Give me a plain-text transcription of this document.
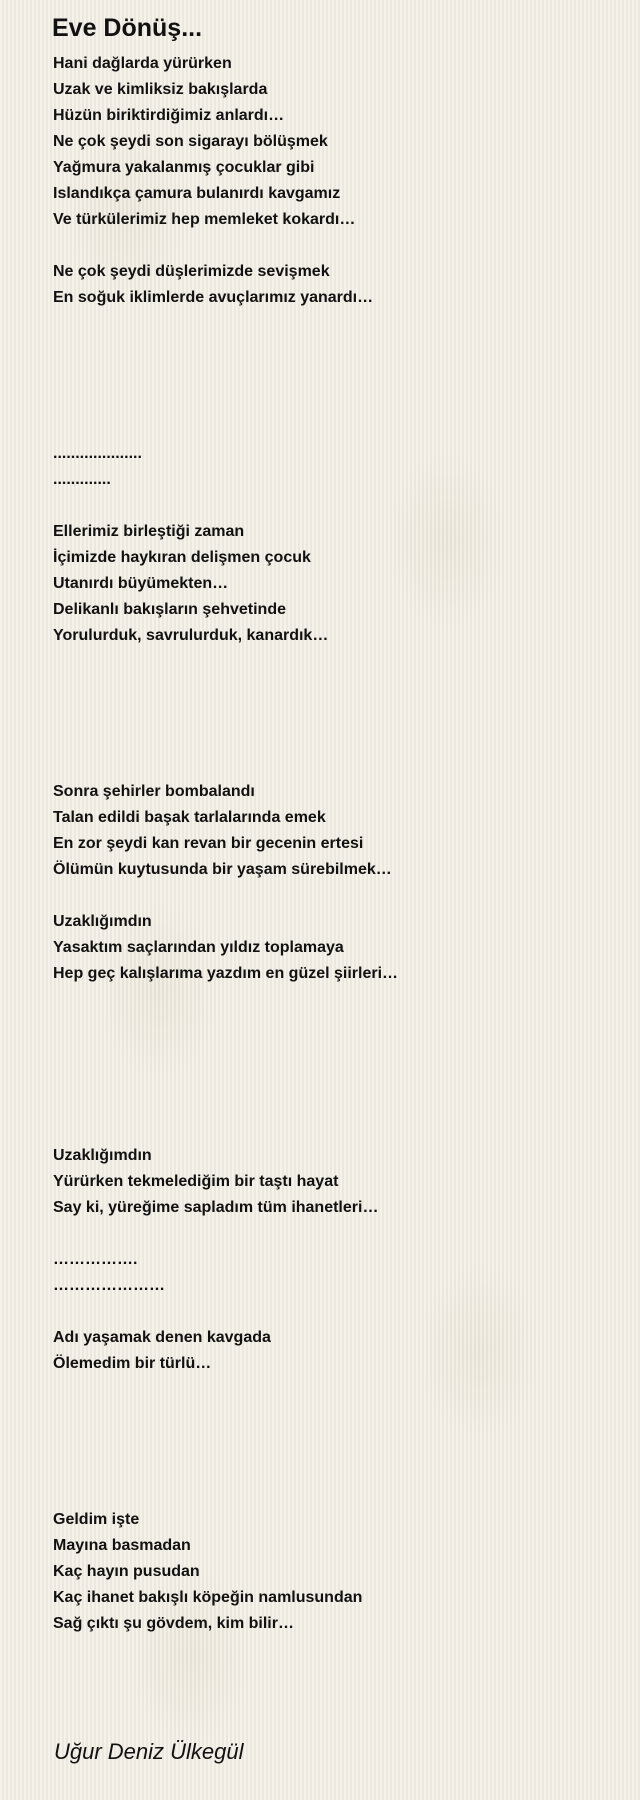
Eve Dönüş...
Hani dağlarda yürürken
Uzak ve kimliksiz bakışlarda
Hüzün biriktirdiğimiz anlardı…
Ne çok şeydi son sigarayı bölüşmek
Yağmura yakalanmış çocuklar gibi
Islandıkça çamura bulanırdı kavgamız
Ve türkülerimiz hep memleket kokardı…
Ne çok şeydi düşlerimizde sevişmek
En soğuk iklimlerde avuçlarımız yanardı…
....................
.............
Ellerimiz birleştiği zaman
İçimizde haykıran delişmen çocuk
Utanırdı büyümekten…
Delikanlı bakışların şehvetinde
Yorulurduk, savrulurduk, kanardık…
Sonra şehirler bombalandı
Talan edildi başak tarlalarında emek
En zor şeydi kan revan bir gecenin ertesi
Ölümün kuytusunda bir yaşam sürebilmek…
Uzaklığımdın
Yasaktım saçlarından yıldız toplamaya
Hep geç kalışlarıma yazdım en güzel şiirleri…
Uzaklığımdın
Yürürken tekmelediğim bir taştı hayat
Say ki, yüreğime sapladım tüm ihanetleri…
…………….
…………………
Adı yaşamak denen kavgada
Ölemedim bir türlü…
Geldim işte
Mayına basmadan
Kaç hayın pusudan
Kaç ihanet bakışlı köpeğin namlusundan
Sağ çıktı şu gövdem, kim bilir…
Uğur Deniz Ülkegül
